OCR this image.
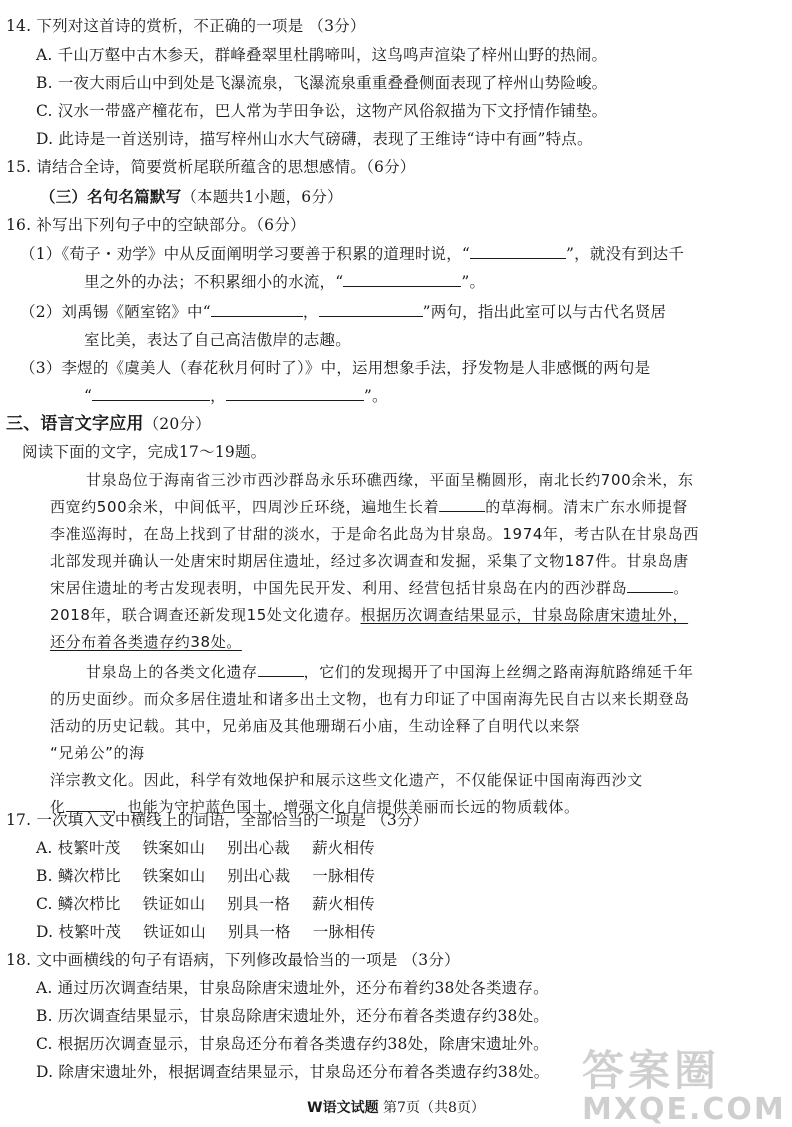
14. 下列对这首诗的赏析，不正确的一项是 （3分）
A. 千山万壑中古木参天，群峰叠翠里杜鹃啼叫，这鸟鸣声渲染了梓州山野的热闹。
B. 一夜大雨后山中到处是飞瀑流泉，飞瀑流泉重重叠叠侧面表现了梓州山势险峻。
C. 汉水一带盛产橦花布，巴人常为芋田争讼，这物产风俗叙描为下文抒情作铺垫。
D. 此诗是一首送别诗，描写梓州山水大气磅礴，表现了王维诗“诗中有画”特点。
15. 请结合全诗，简要赏析尾联所蕴含的思想感情。（6分）
（三）名句名篇默写（本题共1小题，6分）
16. 补写出下列句子中的空缺部分。（6分）
（1）《荀子・劝学》中从反面阐明学习要善于积累的道理时说，“	”，就没有到达千
里之外的办法；不积累细小的水流，“	”。
（2）刘禹锡《陋室铭》中“	，	”两句，指出此室可以与古代名贤居
室比美，表达了自己高洁傲岸的志趣。
（3）李煜的《虞美人（春花秋月何时了）》中，运用想象手法，抒发物是人非感慨的两句是
“	，	”。
三、语言文字应用（20分）
阅读下面的文字，完成17～19题。
甘泉岛位于海南省三沙市西沙群岛永乐环礁西缘，平面呈椭圆形，南北长约700余米，东
西宽约500余米，中间低平，四周沙丘环绕，遍地生长着	的草海桐。清末广东水师提督
李准巡海时，在岛上找到了甘甜的淡水，于是命名此岛为甘泉岛。1974年，考古队在甘泉岛西
北部发现并确认一处唐宋时期居住遗址，经过多次调查和发掘，采集了文物187件。甘泉岛唐
宋居住遗址的考古发现表明，中国先民开发、利用、经营包括甘泉岛在内的西沙群岛	。
2018年，联合调查还新发现15处文化遗存。根据历次调查结果显示，甘泉岛除唐宋遗址外，
还分布着各类遗存约38处。
甘泉岛上的各类文化遗存	，它们的发现揭开了中国海上丝绸之路南海航路绵延千年
的历史面纱。而众多居住遗址和诸多出土文物，也有力印证了中国南海先民自古以来长期登岛
活动的历史记载。其中，兄弟庙及其他珊瑚石小庙，生动诠释了自明代以来祭
“兄弟公”的海
洋宗教文化。因此，科学有效地保护和展示这些文化遗产，不仅能保证中国南海西沙文
化	，也能为守护蓝色国土、增强文化自信提供美丽而长远的物质载体。
17. 一次填入文中横线上的词语，全部恰当的一项是 （3分）
A. 枝繁叶茂 铁案如山 别出心裁 薪火相传
B. 鳞次栉比 铁案如山 别出心裁 一脉相传
C. 鳞次栉比 铁证如山 别具一格 薪火相传
D. 枝繁叶茂 铁证如山 别具一格 一脉相传
18. 文中画横线的句子有语病，下列修改最恰当的一项是 （3分）
A. 通过历次调查结果，甘泉岛除唐宋遗址外，还分布着约38处各类遗存。
B. 历次调查结果显示，甘泉岛除唐宋遗址外，还分布着各类遗存约38处。
C. 根据历次调查显示，甘泉岛还分布着各类遗存约38处，除唐宋遗址外。
D. 除唐宋遗址外，根据调查结果显示，甘泉岛还分布着各类遗存约38处。
W语文试题 第7页（共8页）
答案圈
MXQE.COM
